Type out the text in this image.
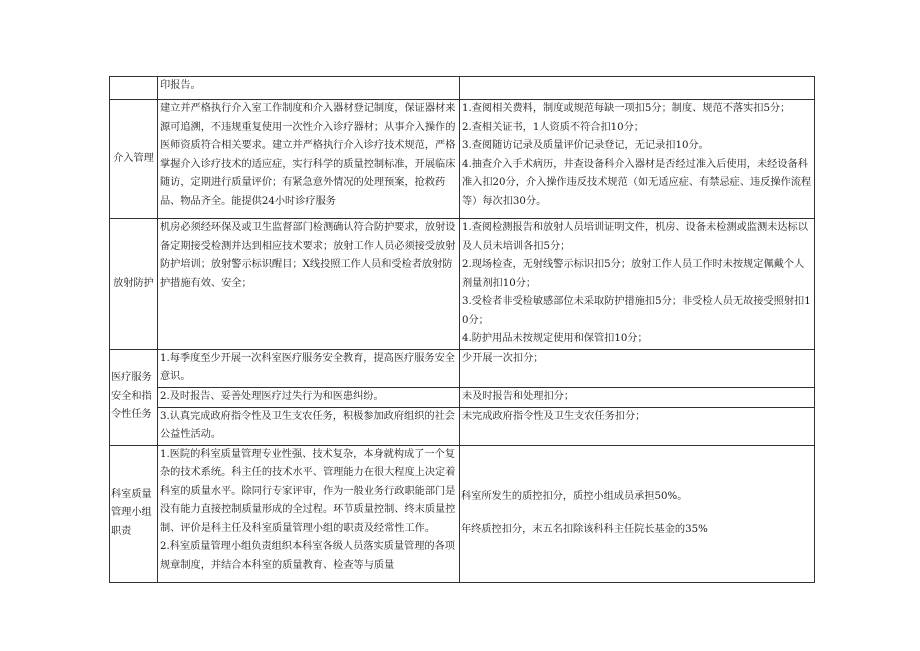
	印报告。	
介入管理	建立并严格执行介入室工作制度和介入器材登记制度，保证器材来源可追溯，不违规重复使用一次性介入诊疗器材；从事介入操作的医师资质符合相关要求。建立并严格执行介入诊疗技术规范，严格掌握介入诊疗技术的适应症，实行科学的质量控制标准，开展临床随访，定期进行质量评价；有紧急意外情况的处理预案，抢救药品、物品齐全。能提供24小时诊疗服务	1.查阅相关费料，制度或规范每缺一项扣5分；制度、规范不落实扣5分；
2.查相关证书，1人资质不符合扣10分；
3.查阅随访记录及质量评价记录登记，无记录扣10分。
4.抽查介入手术病历，井查设备科介入器材是否经过准入后使用，未经设备科准入扣20分，介入操作违反技术规范（如无适应症、有禁忌症、违反操作流程等）每次扣30分。

放射防护	机房必须经环保及或卫生监督部门检测确认符合防护要求，放射设备定期接受检测并达到相应技术要求；放射工作人员必须接受放射防护培训；放射警示标识醒目；X线投照工作人员和受检者放射防护措施有效、安全；	1.查阅检测报告和放射人员培训证明文件，机房、设备未检测或监测未达标以及人员未培训各扣5分；
2.现场检查，无射线警示标识扣5分；放射工作人员工作时未按规定佩戴个人剂量剂扣10分；
3.受检者非受检敏感部位未采取防护措施扣5分；非受检人员无故接受照射扣10分；
4.防护用品未按规定使用和保管扣10分；

医疗服务安全和指令性任务	1.每季度至少开展一次科室医疗服务安全教育，提高医疗服务安全意识。	少开展一次扣分；
	2.及时报告、妥善处理医疗过失行为和医患纠纷。	未及时报告和处理扣分；
	3.认真完成政府指令性及卫生支农任务，积极参加政府组织的社会公益性活动。	未完成政府指令性及卫生支农任务扣分；
科室质量管理小组职责	1.医院的科室质量管理专业性强、技术复杂，本身就构成了一个复杂的技术系统。科主任的技术水平、管理能力在很大程度上决定着科室的质量水平。除同行专家评审，作为一般业务行政职能部门是没有能力直接控制质量形成的全过程。环节质量控制、终末质量控制、评价是科主任及科室质量管理小组的职责及经常性工作。
2.科室质量管理小组负责组织本科室各级人员落实质量管理的各项规章制度，并结合本科室的质量教育、检查等与质量	科室所发生的质控扣分，质控小组成员承担50%。
年终质控扣分，末五名扣除该科科主任院长基金的35%
